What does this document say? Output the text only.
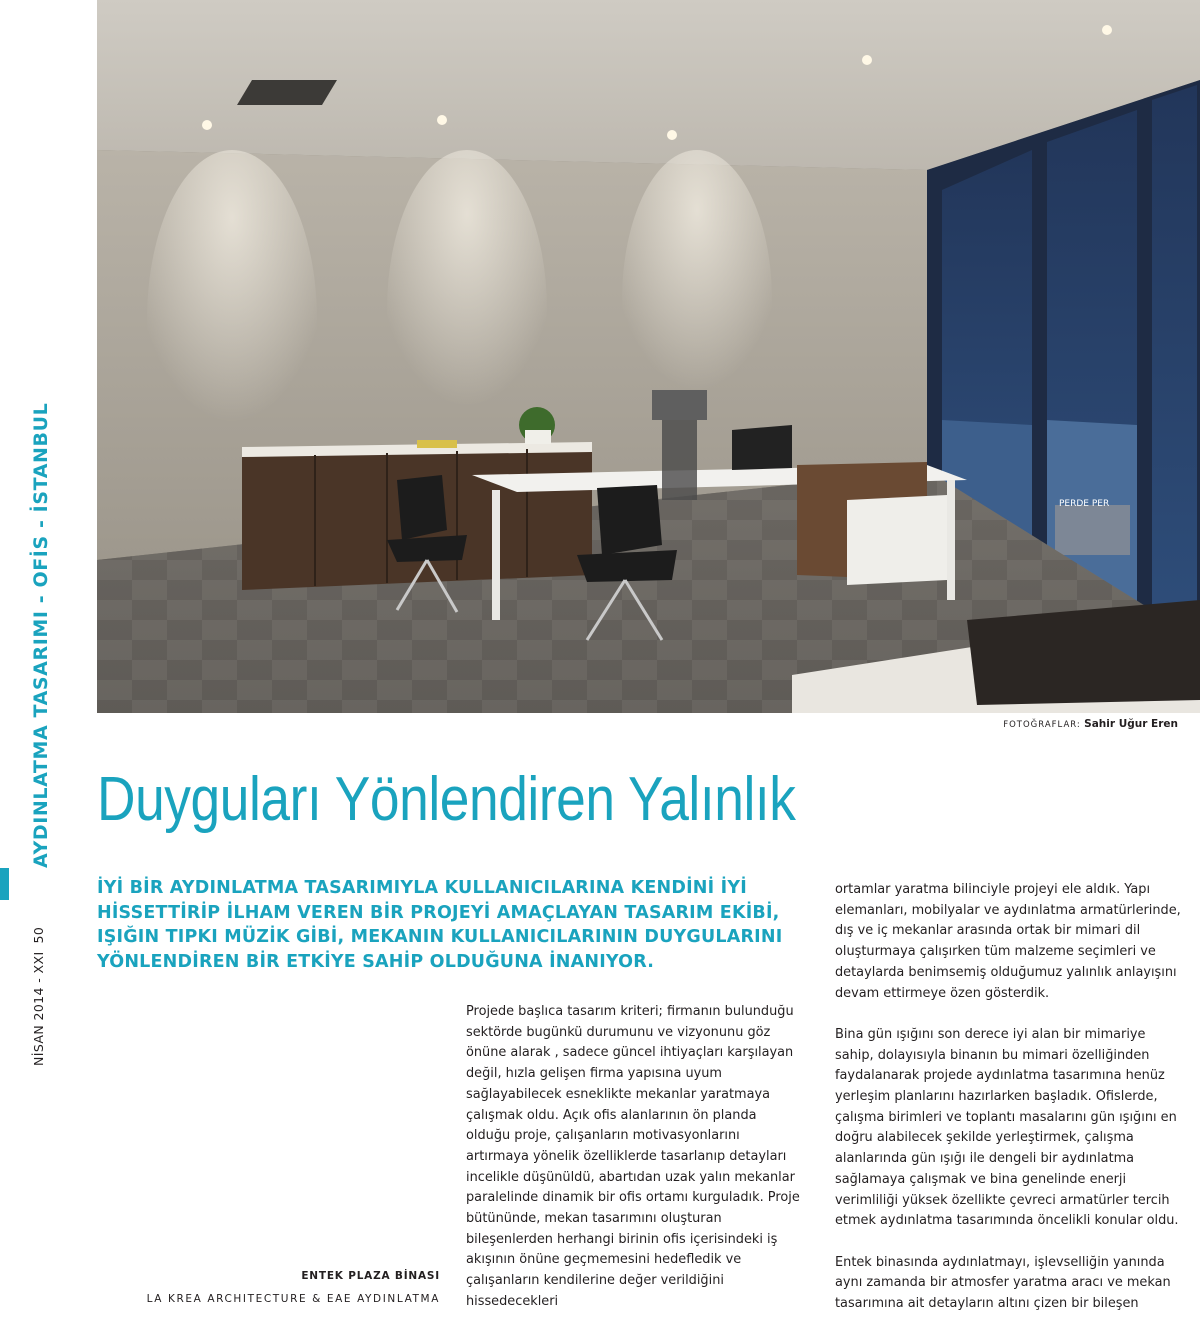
AYDINLATMA TASARIMI - OFİS - İSTANBUL
NİSAN 2014 - XXI50
PERDE PER
FOTOĞRAFLAR: Sahir Uğur Eren
Duyguları Yönlendiren Yalınlık

İYİ BİR AYDINLATMA TASARIMIYLA KULLANICILARINA KENDİNİ İYİ HİSSETTİRİP İLHAM VEREN BİR PROJEYİ AMAÇLAYAN TASARIM EKİBİ, IŞIĞIN TIPKI MÜZİK GİBİ, MEKANIN KULLANICILARININ DUYGULARINI YÖNLENDİREN BİR ETKİYE SAHİP OLDUĞUNA İNANIYOR.

Projede başlıca tasarım kriteri; firmanın bulunduğu sektörde bugünkü durumunu ve vizyonunu göz önüne alarak , sadece güncel ihtiyaçları karşılayan değil, hızla gelişen firma yapısına uyum sağlayabilecek esneklikte mekanlar yaratmaya çalışmak oldu. Açık ofis alanlarının ön planda olduğu proje, çalışanların motivasyonlarını artırmaya yönelik özelliklerde tasarlanıp detayları incelikle düşünüldü, abartıdan uzak yalın mekanlar paralelinde dinamik bir ofis ortamı kurguladık. Proje bütününde, mekan tasarımını oluşturan bileşenlerden herhangi birinin ofis içerisindeki iş akışının önüne geçmemesini hedefledik ve çalışanların kendilerine değer verildiğini hissedecekleri

ortamlar yaratma bilinciyle projeyi ele aldık. Yapı elemanları, mobilyalar ve aydınlatma armatürlerinde, dış ve iç mekanlar arasında ortak bir mimari dil oluşturmaya çalışırken tüm malzeme seçimleri ve detaylarda benimsemiş olduğumuz yalınlık anlayışını devam ettirmeye özen gösterdik.

Bina gün ışığını son derece iyi alan bir mimariye sahip, dolayısıyla binanın bu mimari özelliğinden faydalanarak projede aydınlatma tasarımına henüz yerleşim planlarını hazırlarken başladık. Ofislerde, çalışma birimleri ve toplantı masalarını gün ışığını en doğru alabilecek şekilde yerleştirmek, çalışma alanlarında gün ışığı ile dengeli bir aydınlatma sağlamaya çalışmak ve bina genelinde enerji verimliliği yüksek özellikte çevreci armatürler tercih etmek aydınlatma tasarımında öncelikli konular oldu.

Entek binasında aydınlatmayı, işlevselliğin yanında aynı zamanda bir atmosfer yaratma aracı ve mekan tasarımına ait detayların altını çizen bir bileşen

ENTEK PLAZA BİNASI
LA KREA ARCHITECTURE & EAE AYDINLATMA
